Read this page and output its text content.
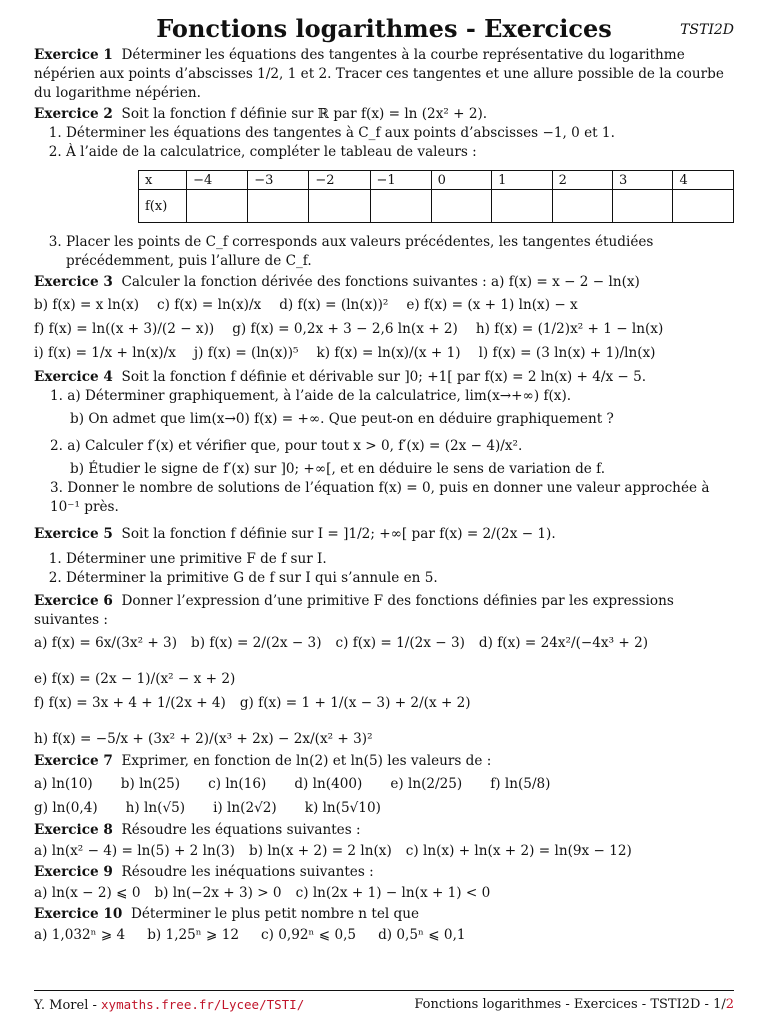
Fonctions logarithmes - Exercices	TSTI2D

Exercice 1 Déterminer les équations des tangentes à la courbe représentative du logarithme népérien aux points d’abscisses 1/2, 1 et 2. Tracer ces tangentes et une allure possible de la courbe du logarithme népérien.

Exercice 2 Soit la fonction f définie sur ℝ par f(x) = ln (2x² + 2).

1. Déterminer les équations des tangentes à C_f aux points d’abscisses −1, 0 et 1.
2. À l’aide de la calculatrice, compléter le tableau de valeurs :
x	−4	−3	−2	−1	0	1	2	3	4
f(x)									
3. Placer les points de C_f corresponds aux valeurs précédentes, les tangentes étudiées précédemment, puis l’allure de C_f.

Exercice 3 Calculer la fonction dérivée des fonctions suivantes : a) f(x) = x − 2 − ln(x)

b) f(x) = x ln(x) c) f(x) = ln(x)/x d) f(x) = (ln(x))² e) f(x) = (x + 1) ln(x) − x
f) f(x) = ln((x + 3)/(2 − x)) g) f(x) = 0,2x + 3 − 2,6 ln(x + 2) h) f(x) = (1/2)x² + 1 − ln(x)
i) f(x) = 1/x + ln(x)/x j) f(x) = (ln(x))⁵ k) f(x) = ln(x)/(x + 1) l) f(x) = (3 ln(x) + 1)/ln(x)

Exercice 4 Soit la fonction f définie et dérivable sur ]0; +1[ par f(x) = 2 ln(x) + 4/x − 5.

1. a) Déterminer graphiquement, à l’aide de la calculatrice, lim(x→+∞) f(x).
b) On admet que lim(x→0) f(x) = +∞. Que peut-on en déduire graphiquement ?
2. a) Calculer f′(x) et vérifier que, pour tout x > 0, f′(x) = (2x − 4)/x².
b) Étudier le signe de f′(x) sur ]0; +∞[, et en déduire le sens de variation de f.
3. Donner le nombre de solutions de l’équation f(x) = 0, puis en donner une valeur approchée à 10⁻¹ près.

Exercice 5 Soit la fonction f définie sur I = ]1/2; +∞[ par f(x) = 2/(2x − 1).

1. Déterminer une primitive F de f sur I.
2. Déterminer la primitive G de f sur I qui s’annule en 5.

Exercice 6 Donner l’expression d’une primitive F des fonctions définies par les expressions suivantes :

a) f(x) = 6x/(3x² + 3) b) f(x) = 2/(2x − 3) c) f(x) = 1/(2x − 3) d) f(x) = 24x²/(−4x³ + 2)
e) f(x) = (2x − 1)/(x² − x + 2)
f) f(x) = 3x + 4 + 1/(2x + 4) g) f(x) = 1 + 1/(x − 3) + 2/(x + 2)
h) f(x) = −5/x + (3x² + 2)/(x³ + 2x) − 2x/(x² + 3)²

Exercice 7 Exprimer, en fonction de ln(2) et ln(5) les valeurs de :

a) ln(10) b) ln(25) c) ln(16) d) ln(400) e) ln(2/25) f) ln(5/8)
g) ln(0,4) h) ln(√5) i) ln(2√2) k) ln(5√10)

Exercice 8 Résoudre les équations suivantes :

a) ln(x² − 4) = ln(5) + 2 ln(3) b) ln(x + 2) = 2 ln(x) c) ln(x) + ln(x + 2) = ln(9x − 12)

Exercice 9 Résoudre les inéquations suivantes :

a) ln(x − 2) ⩽ 0 b) ln(−2x + 3) > 0 c) ln(2x + 1) − ln(x + 1) < 0

Exercice 10 Déterminer le plus petit nombre n tel que

a) 1,032ⁿ ⩾ 4 b) 1,25ⁿ ⩾ 12 c) 0,92ⁿ ⩽ 0,5 d) 0,5ⁿ ⩽ 0,1
Y. Morel - xymaths.free.fr/Lycee/TSTI/	Fonctions logarithmes - Exercices - TSTI2D - 1/2
